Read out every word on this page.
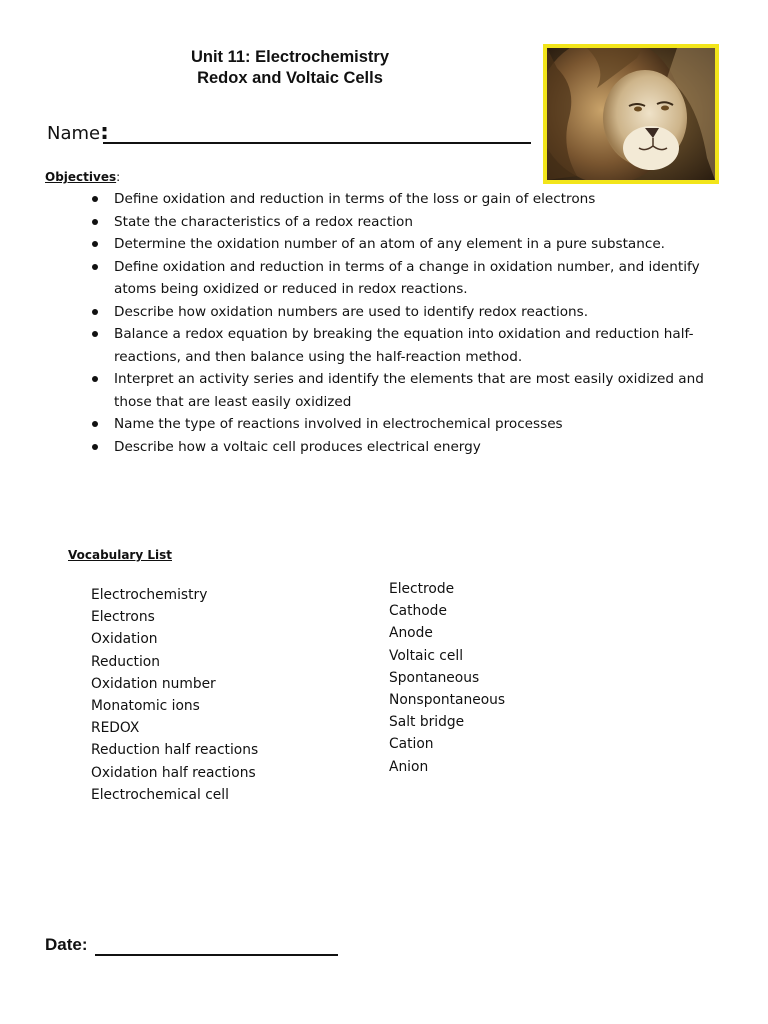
Unit 11: Electrochemistry
Redox and Voltaic Cells
Name:
Objectives:
Define oxidation and reduction in terms of the loss or gain of electrons
State the characteristics of a redox reaction
Determine the oxidation number of an atom of any element in a pure substance.
Define oxidation and reduction in terms of a change in oxidation number, and identify atoms being oxidized or reduced in redox reactions.
Describe how oxidation numbers are used to identify redox reactions.
Balance a redox equation by breaking the equation into oxidation and reduction half-reactions, and then balance using the half-reaction method.
Interpret an activity series and identify the elements that are most easily oxidized and those that are least easily oxidized
Name the type of reactions involved in electrochemical processes
Describe how a voltaic cell produces electrical energy
Vocabulary List
Electrochemistry
Electrons
Oxidation
Reduction
Oxidation number
Monatomic ions
REDOX
Reduction half reactions
Oxidation half reactions
Electrochemical cell
Electrode
Cathode
Anode
Voltaic cell
Spontaneous
Nonspontaneous
Salt bridge
Cation
Anion
Date:
